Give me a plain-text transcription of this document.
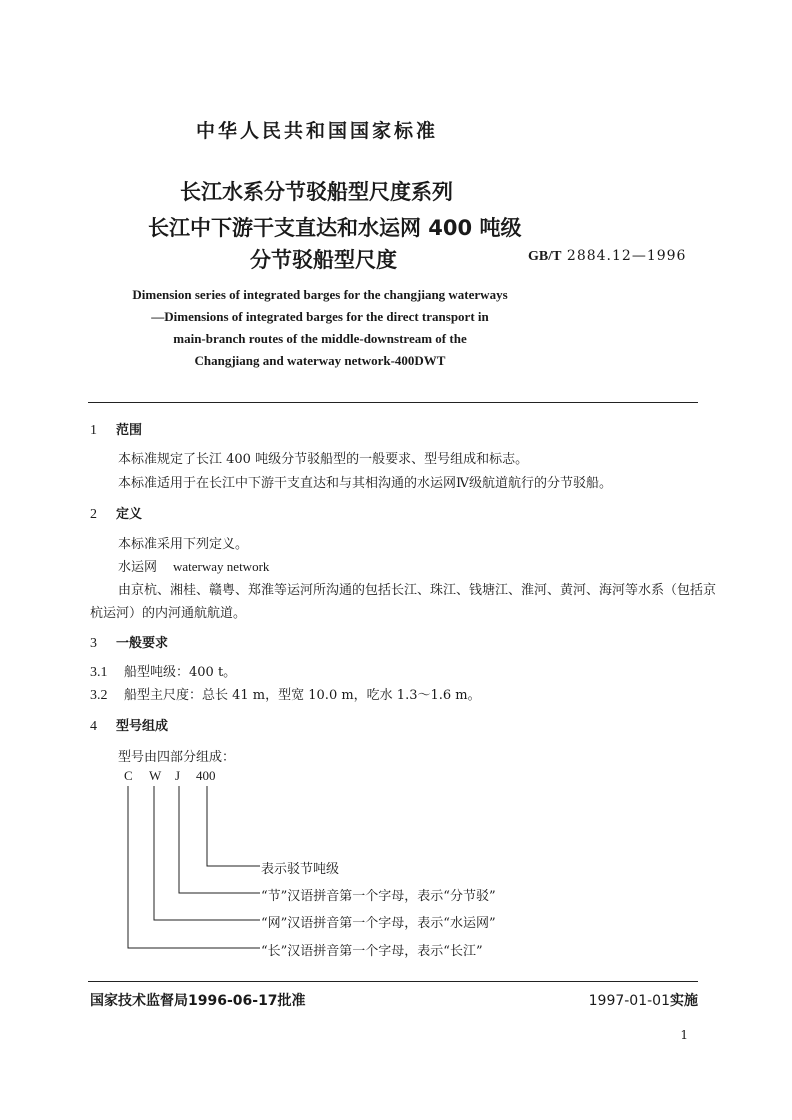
中华人民共和国国家标准
长江水系分节驳船型尺度系列
长江中下游干支直达和水运网 400 吨级
分节驳船型尺度	GB/T 2884.12—1996
Dimension series of integrated barges for the changjiang waterways
—Dimensions of integrated barges for the direct transport in
main-branch routes of the middle-downstream of the
Changjiang and waterway network-400DWT
1 范围
本标准规定了长江 400 吨级分节驳船型的一般要求、型号组成和标志。
本标准适用于在长江中下游干支直达和与其相沟通的水运网Ⅳ级航道航行的分节驳船。
2 定义
本标准采用下列定义。
水运网 waterway network
由京杭、湘桂、赣粤、郑淮等运河所沟通的包括长江、珠江、钱塘江、淮河、黄河、海河等水系（包括京
杭运河）的内河通航航道。
3 一般要求
3.1 船型吨级：400 t。
3.2 船型主尺度：总长 41 m，型宽 10.0 m，吃水 1.3～1.6 m。
4 型号组成
型号由四部分组成：
C W J 400
表示驳节吨级
“节”汉语拼音第一个字母，表示“分节驳”
“网”汉语拼音第一个字母，表示“水运网”
“长”汉语拼音第一个字母，表示“长江”
国家技术监督局1996-06-17批准	1997-01-01实施
1
